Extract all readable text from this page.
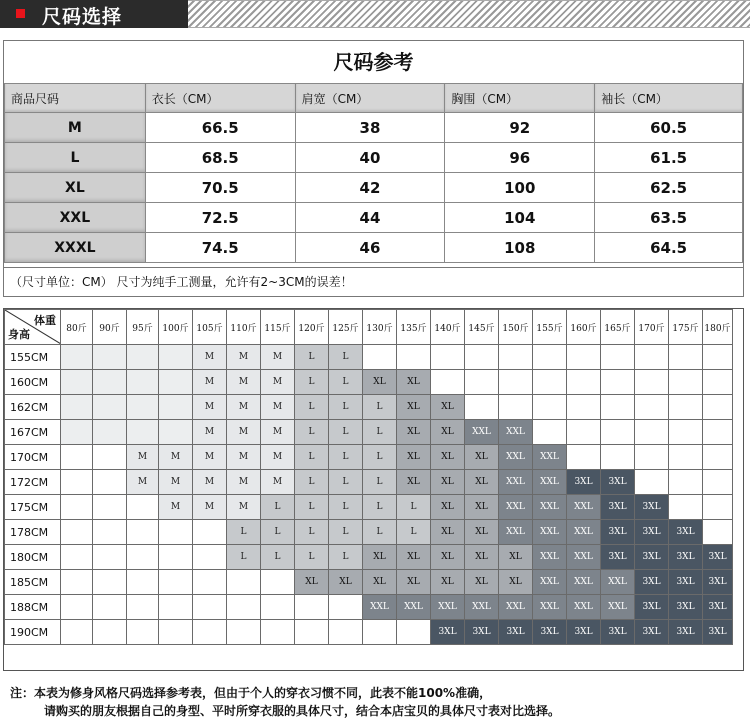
尺码选择
尺码参考
商品尺码	衣长（CM）	肩宽（CM）	胸围（CM）	袖长（CM）
M	66.5	38	92	60.5
L	68.5	40	96	61.5
XL	70.5	42	100	62.5
XXL	72.5	44	104	63.5
XXXL	74.5	46	108	64.5
（尺寸单位：CM） 尺寸为纯手工测量，允许有2~3CM的误差！
体重
身高	80斤	90斤	95斤	100斤	105斤	110斤	115斤	120斤	125斤	130斤	135斤	140斤	145斤	150斤	155斤	160斤	165斤	170斤	175斤	180斤
155CM					M	M	M	L	L											
160CM					M	M	M	L	L	XL	XL									
162CM					M	M	M	L	L	L	XL	XL								
167CM					M	M	M	L	L	L	XL	XL	XXL	XXL						
170CM			M	M	M	M	M	L	L	L	XL	XL	XL	XXL	XXL					
172CM			M	M	M	M	M	L	L	L	XL	XL	XL	XXL	XXL	3XL	3XL			
175CM				M	M	M	L	L	L	L	L	XL	XL	XXL	XXL	XXL	3XL	3XL		
178CM						L	L	L	L	L	L	XL	XL	XXL	XXL	XXL	3XL	3XL	3XL	
180CM						L	L	L	L	XL	XL	XL	XL	XL	XXL	XXL	3XL	3XL	3XL	3XL
185CM								XL	XL	XL	XL	XL	XL	XL	XXL	XXL	XXL	3XL	3XL	3XL
188CM										XXL	XXL	XXL	XXL	XXL	XXL	XXL	XXL	3XL	3XL	3XL
190CM												3XL	3XL	3XL	3XL	3XL	3XL	3XL	3XL	3XL
注：本表为修身风格尺码选择参考表，但由于个人的穿衣习惯不同，此表不能100%准确，
请购买的朋友根据自己的身型、平时所穿衣服的具体尺寸，结合本店宝贝的具体尺寸表对比选择。
